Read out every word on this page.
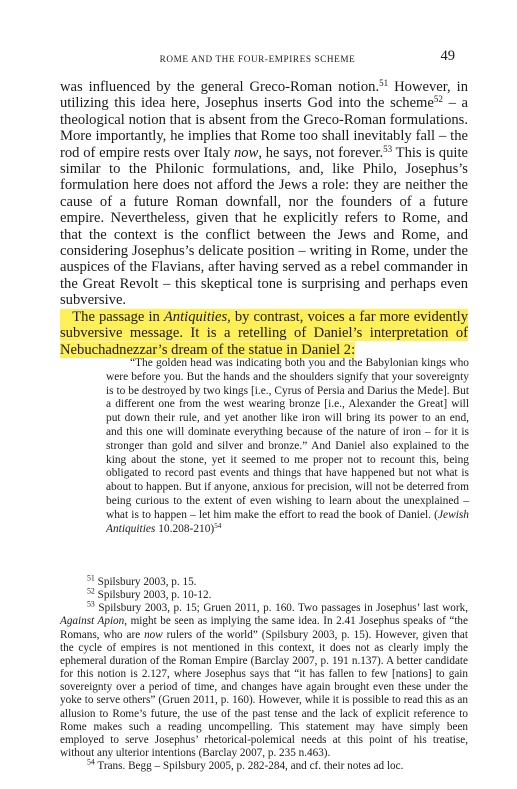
ROME AND THE FOUR-EMPIRES SCHEME	49

was influenced by the general Greco-Roman notion.$^{51}$ However, in utilizing this idea here, Josephus inserts God into the scheme$^{52}$ – a theological notion that is absent from the Greco-Roman formulations. More importantly, he implies that Rome too shall inevitably fall – the rod of empire rests over Italy now, he says, not forever.$^{53}$ This is quite similar to the Philonic formulations, and, like Philo, Josephus’s formulation here does not afford the Jews a role: they are neither the cause of a future Roman downfall, nor the founders of a future empire. Nevertheless, given that he explicitly refers to Rome, and that the context is the conflict between the Jews and Rome, and considering Josephus’s delicate position – writing in Rome, under the auspices of the Flavians, after having served as a rebel commander in the Great Revolt – this skeptical tone is surprising and perhaps even subversive.

The passage in Antiquities, by contrast, voices a far more evidently subversive message. It is a retelling of Daniel’s interpretation of Nebuchadnezzar’s dream of the statue in Daniel 2:

“The golden head was indicating both you and the Babylonian kings who were before you. But the hands and the shoulders signify that your sovereignty is to be destroyed by two kings [i.e., Cyrus of Persia and Darius the Mede]. But a different one from the west wearing bronze [i.e., Alexander the Great] will put down their rule, and yet another like iron will bring its power to an end, and this one will dominate everything because of the nature of iron – for it is stronger than gold and silver and bronze.” And Daniel also explained to the king about the stone, yet it seemed to me proper not to recount this, being obligated to record past events and things that have happened but not what is about to happen. But if anyone, anxious for precision, will not be deterred from being curious to the extent of even wishing to learn about the unexplained – what is to happen – let him make the effort to read the book of Daniel. (Jewish Antiquities 10.208-210)$^{54}$

$^{51}$ Spilsbury 2003, p. 15.

$^{52}$ Spilsbury 2003, p. 10-12.

$^{53}$ Spilsbury 2003, p. 15; Gruen 2011, p. 160. Two passages in Josephus’ last work, Against Apion, might be seen as implying the same idea. In 2.41 Josephus speaks of “the Romans, who are now rulers of the world” (Spilsbury 2003, p. 15). However, given that the cycle of empires is not mentioned in this context, it does not as clearly imply the ephemeral duration of the Roman Empire (Barclay 2007, p. 191 n.137). A better candidate for this notion is 2.127, where Josephus says that “it has fallen to few [nations] to gain sovereignty over a period of time, and changes have again brought even these under the yoke to serve others” (Gruen 2011, p. 160). However, while it is possible to read this as an allusion to Rome’s future, the use of the past tense and the lack of explicit reference to Rome makes such a reading uncompelling. This statement may have simply been employed to serve Josephus’ rhetorical-polemical needs at this point of his treatise, without any ulterior intentions (Barclay 2007, p. 235 n.463).

$^{54}$ Trans. Begg – Spilsbury 2005, p. 282-284, and cf. their notes ad loc.
